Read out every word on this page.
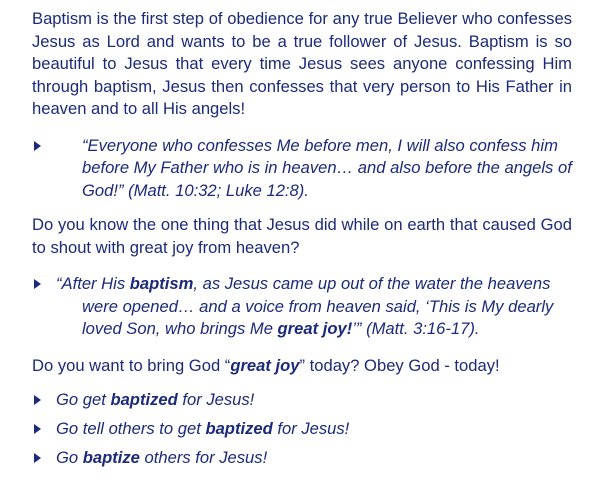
Baptism is the first step of obedience for any true Believer who confesses Jesus as Lord and wants to be a true follower of Jesus. Baptism is so beautiful to Jesus that every time Jesus sees anyone confessing Him through baptism, Jesus then confesses that very person to His Father in heaven and to all His angels!

“Everyone who confesses Me before men, I will also confess him before My Father who is in heaven… and also before the angels of God!” (Matt. 10:32; Luke 12:8).

Do you know the one thing that Jesus did while on earth that caused God to shout with great joy from heaven?

“After His baptism, as Jesus came up out of the water the heavens were opened… and a voice from heaven said, ‘This is My dearly loved Son, who brings Me great joy!’” (Matt. 3:16-17).

Do you want to bring God “great joy” today? Obey God - today!

Go get baptized for Jesus!
Go tell others to get baptized for Jesus!
Go baptize others for Jesus!
